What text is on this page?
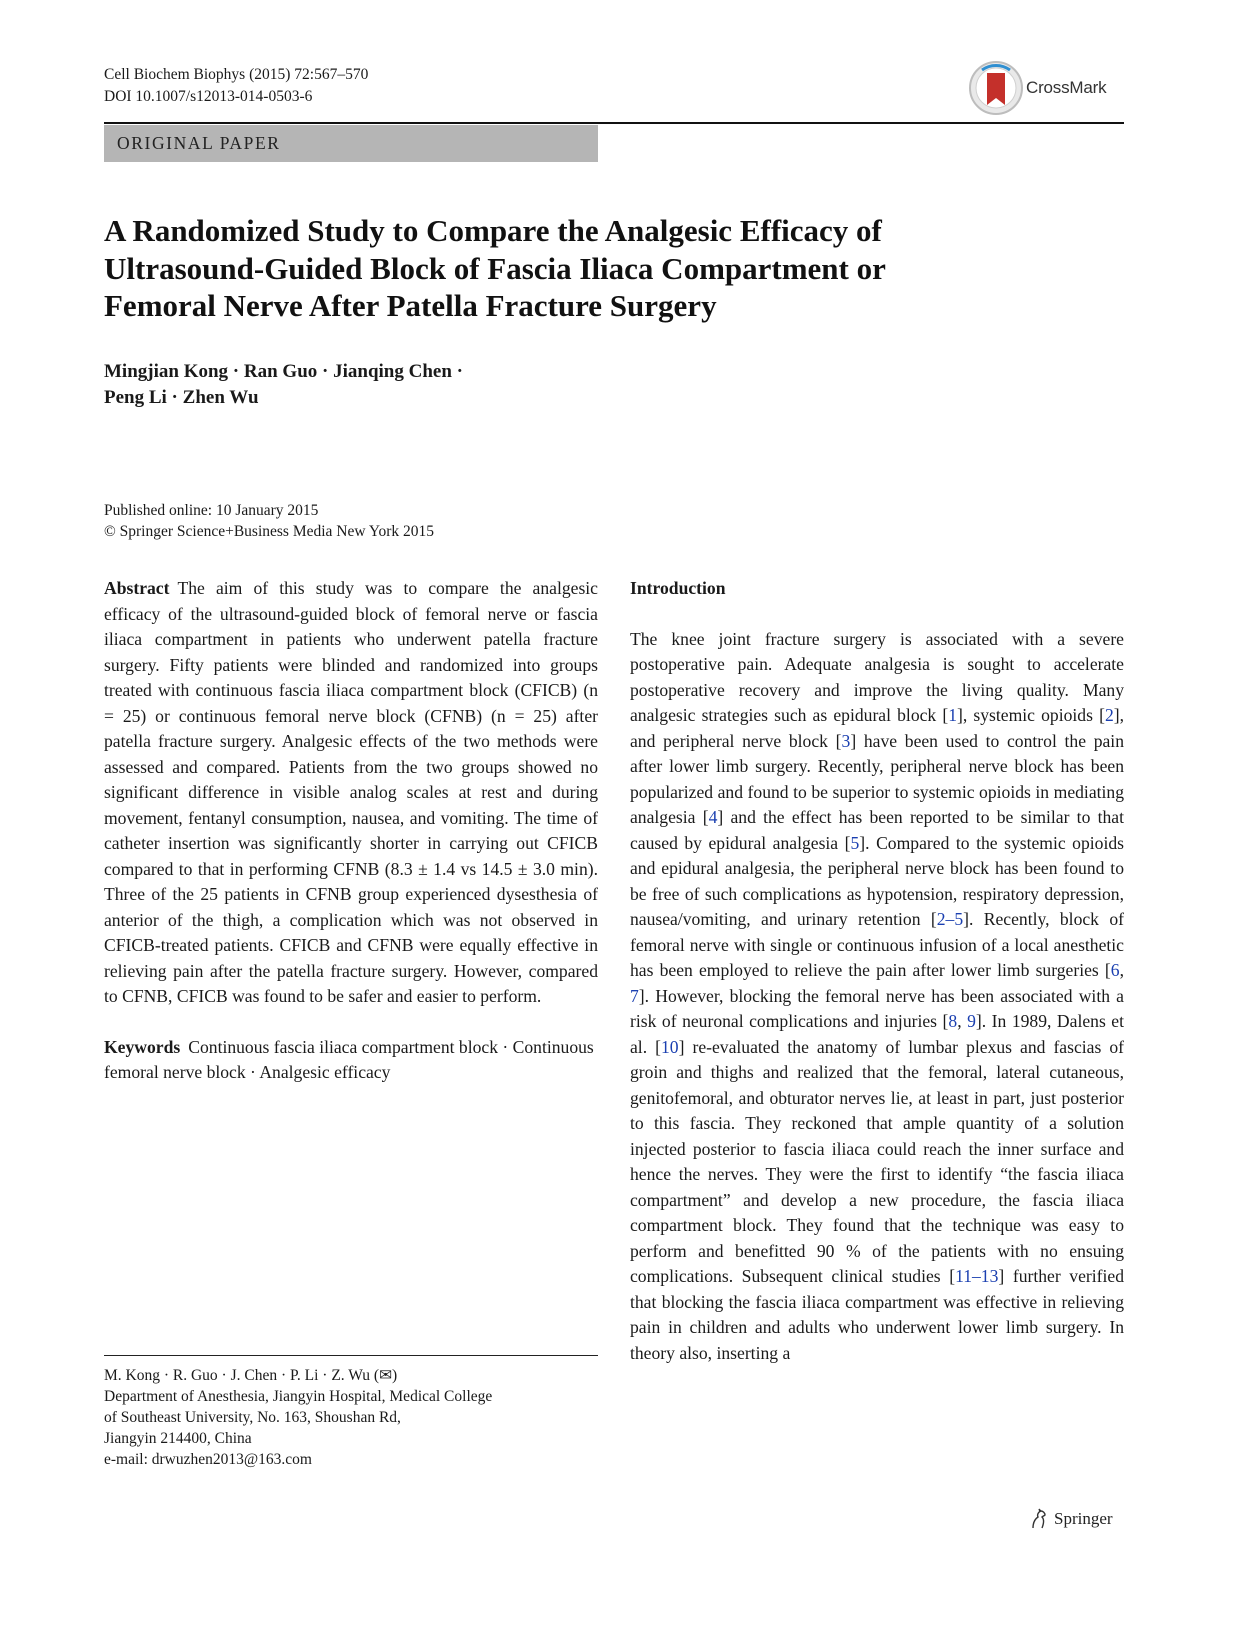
Cell Biochem Biophys (2015) 72:567–570
DOI 10.1007/s12013-014-0503-6	CrossMark
ORIGINAL PAPER
A Randomized Study to Compare the Analgesic Efficacy of Ultrasound-Guided Block of Fascia Iliaca Compartment or Femoral Nerve After Patella Fracture Surgery
Mingjian Kong · Ran Guo · Jianqing Chen ·
Peng Li · Zhen Wu
Published online: 10 January 2015
© Springer Science+Business Media New York 2015

Abstract The aim of this study was to compare the analgesic efficacy of the ultrasound-guided block of femoral nerve or fascia iliaca compartment in patients who underwent patella fracture surgery. Fifty patients were blinded and randomized into groups treated with continuous fascia iliaca compartment block (CFICB) (n = 25) or continuous femoral nerve block (CFNB) (n = 25) after patella fracture surgery. Analgesic effects of the two methods were assessed and compared. Patients from the two groups showed no significant difference in visible analog scales at rest and during movement, fentanyl consumption, nausea, and vomiting. The time of catheter insertion was significantly shorter in carrying out CFICB compared to that in performing CFNB (8.3 ± 1.4 vs 14.5 ± 3.0 min). Three of the 25 patients in CFNB group experienced dysesthesia of anterior of the thigh, a complication which was not observed in CFICB-treated patients. CFICB and CFNB were equally effective in relieving pain after the patella fracture surgery. However, compared to CFNB, CFICB was found to be safer and easier to perform.

Keywords Continuous fascia iliaca compartment block · Continuous femoral nerve block · Analgesic efficacy

M. Kong · R. Guo · J. Chen · P. Li · Z. Wu (✉)
Department of Anesthesia, Jiangyin Hospital, Medical College
of Southeast University, No. 163, Shoushan Rd,
Jiangyin 214400, China
e-mail: drwuzhen2013@163.com
Introduction

The knee joint fracture surgery is associated with a severe postoperative pain. Adequate analgesia is sought to accelerate postoperative recovery and improve the living quality. Many analgesic strategies such as epidural block [1], systemic opioids [2], and peripheral nerve block [3] have been used to control the pain after lower limb surgery. Recently, peripheral nerve block has been popularized and found to be superior to systemic opioids in mediating analgesia [4] and the effect has been reported to be similar to that caused by epidural analgesia [5]. Compared to the systemic opioids and epidural analgesia, the peripheral nerve block has been found to be free of such complications as hypotension, respiratory depression, nausea/vomiting, and urinary retention [2–5]. Recently, block of femoral nerve with single or continuous infusion of a local anesthetic has been employed to relieve the pain after lower limb surgeries [6, 7]. However, blocking the femoral nerve has been associated with a risk of neuronal complications and injuries [8, 9]. In 1989, Dalens et al. [10] re-evaluated the anatomy of lumbar plexus and fascias of groin and thighs and realized that the femoral, lateral cutaneous, genitofemoral, and obturator nerves lie, at least in part, just posterior to this fascia. They reckoned that ample quantity of a solution injected posterior to fascia iliaca could reach the inner surface and hence the nerves. They were the first to identify “the fascia iliaca compartment” and develop a new procedure, the fascia iliaca compartment block. They found that the technique was easy to perform and benefitted 90 % of the patients with no ensuing complications. Subsequent clinical studies [11–13] further verified that blocking the fascia iliaca compartment was effective in relieving pain in children and adults who underwent lower limb surgery. In theory also, inserting a

Springer
